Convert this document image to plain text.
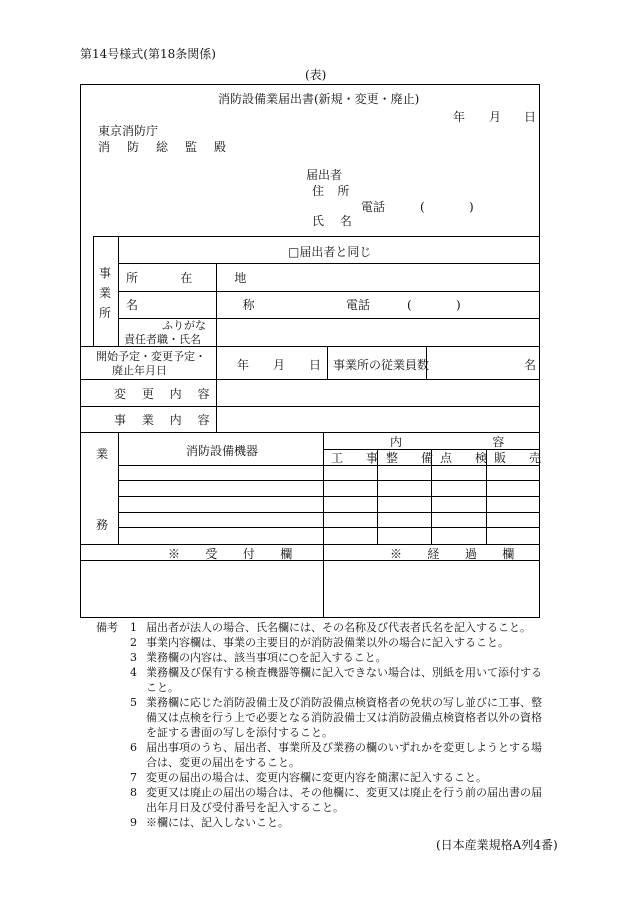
第14号様式(第18条関係)
(表)
消防設備業届出書(新規・変更・廃止)
年 月 日
東京消防庁
消 防 総 監 殿
届出者
住 所
電話	(	)
氏 名
事
業
所
□届出者と同じ
所 在 地
名 称	電話	(	)
ふりがな
責任者職・氏名
開始予定・変更予定・
廃止年月日	年 月 日 事業所の従業員数	名
変 更 内 容
事 業 内 容
業
務
消防設備機器
内 容
工 事
整 備
点 検
販 売
※ 受 付 欄	※ 経 過 欄
備考 1 届出者が法人の場合、氏名欄には、その名称及び代表者氏名を記入すること。
2 事業内容欄は、事業の主要目的が消防設備業以外の場合に記入すること。
3 業務欄の内容は、該当事項に○を記入すること。
4 業務欄及び保有する検査機器等欄に記入できない場合は、別紙を用いて添付すること。
5 業務欄に応じた消防設備士及び消防設備点検資格者の免状の写し並びに工事、整備又は点検を行う上で必要となる消防設備士又は消防設備点検資格者以外の資格を証する書面の写しを添付すること。
6 届出事項のうち、届出者、事業所及び業務の欄のいずれかを変更しようとする場合は、変更の届出をすること。
7 変更の届出の場合は、変更内容欄に変更内容を簡潔に記入すること。
8 変更又は廃止の届出の場合は、その他欄に、変更又は廃止を行う前の届出書の届出年月日及び受付番号を記入すること。
9 ※欄には、記入しないこと。
(日本産業規格A列4番)
